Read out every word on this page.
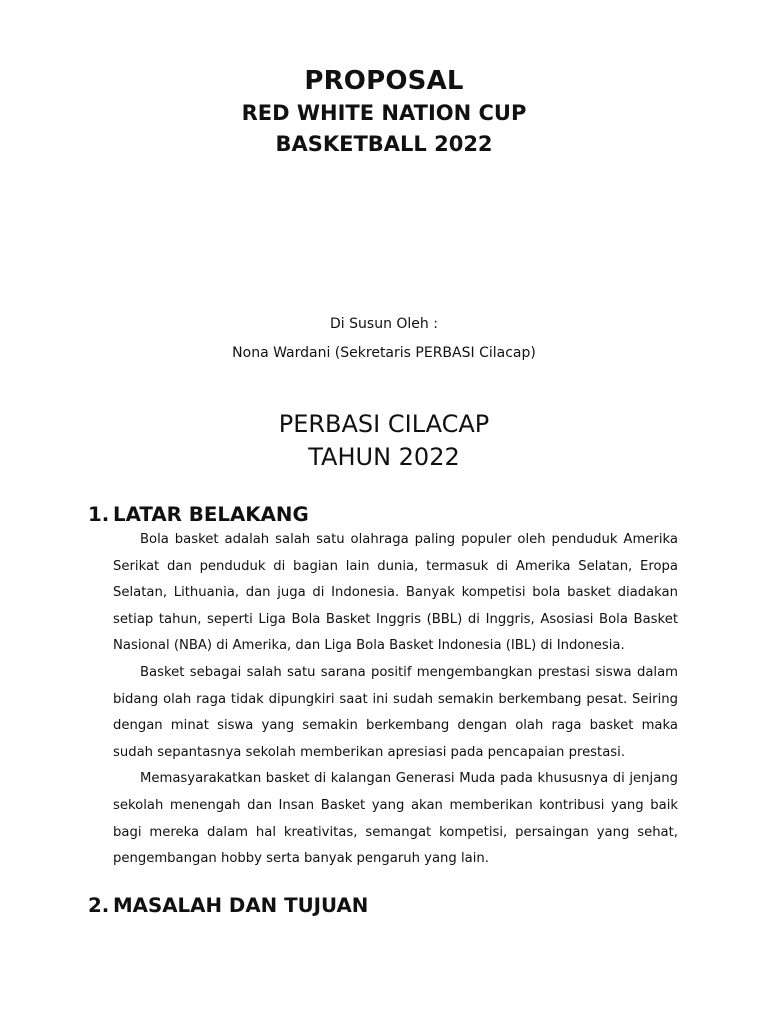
PROPOSAL
RED WHITE NATION CUP
BASKETBALL 2022
Di Susun Oleh :
Nona Wardani (Sekretaris PERBASI Cilacap)
PERBASI CILACAP
TAHUN 2022
1. LATAR BELAKANG

Bola basket adalah salah satu olahraga paling populer oleh penduduk Amerika Serikat dan penduduk di bagian lain dunia, termasuk di Amerika Selatan, Eropa Selatan, Lithuania, dan juga di Indonesia. Banyak kompetisi bola basket diadakan setiap tahun, seperti Liga Bola Basket Inggris (BBL) di Inggris, Asosiasi Bola Basket Nasional (NBA) di Amerika, dan Liga Bola Basket Indonesia (IBL) di Indonesia.

Basket sebagai salah satu sarana positif mengembangkan prestasi siswa dalam bidang olah raga tidak dipungkiri saat ini sudah semakin berkembang pesat. Seiring dengan minat siswa yang semakin berkembang dengan olah raga basket maka sudah sepantasnya sekolah memberikan apresiasi pada pencapaian prestasi.

Memasyarakatkan basket di kalangan Generasi Muda pada khususnya di jenjang sekolah menengah dan Insan Basket yang akan memberikan kontribusi yang baik bagi mereka dalam hal kreativitas, semangat kompetisi, persaingan yang sehat, pengembangan hobby serta banyak pengaruh yang lain.

2. MASALAH DAN TUJUAN
